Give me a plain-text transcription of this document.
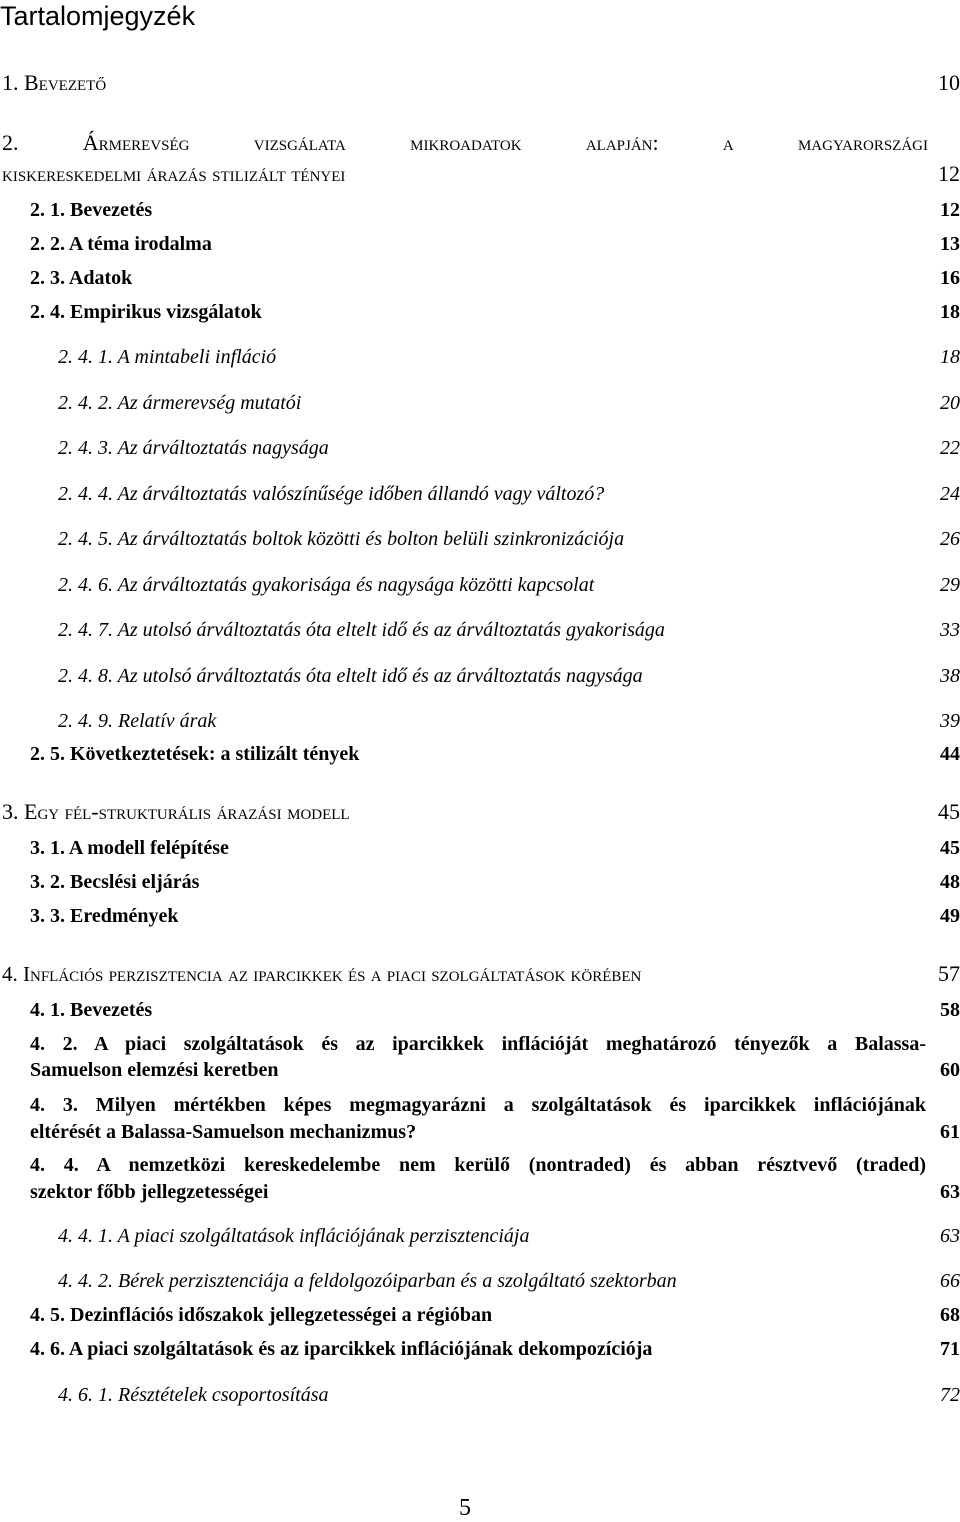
Tartalomjegyzék
1. Bevezető	10
2. Ármerevség vizsgálata mikroadatok alapján: a magyarországi
kiskereskedelmi árazás stilizált tényei	12
2. 1. Bevezetés	12
2. 2. A téma irodalma	13
2. 3. Adatok	16
2. 4. Empirikus vizsgálatok	18
2. 4. 1. A mintabeli infláció	18
2. 4. 2. Az ármerevség mutatói	20
2. 4. 3. Az árváltoztatás nagysága	22
2. 4. 4. Az árváltoztatás valószínűsége időben állandó vagy változó?	24
2. 4. 5. Az árváltoztatás boltok közötti és bolton belüli szinkronizációja	26
2. 4. 6. Az árváltoztatás gyakorisága és nagysága közötti kapcsolat	29
2. 4. 7. Az utolsó árváltoztatás óta eltelt idő és az árváltoztatás gyakorisága	33
2. 4. 8. Az utolsó árváltoztatás óta eltelt idő és az árváltoztatás nagysága	38
2. 4. 9. Relatív árak	39
2. 5. Következtetések: a stilizált tények	44
3. Egy fél-strukturális árazási modell	45
3. 1. A modell felépítése	45
3. 2. Becslési eljárás	48
3. 3. Eredmények	49
4. Inflációs perzisztencia az iparcikkek és a piaci szolgáltatások körében	57
4. 1. Bevezetés	58
4. 2. A piaci szolgáltatások és az iparcikkek inflációját meghatározó tényezők a Balassa-
Samuelson elemzési keretben	60
4. 3. Milyen mértékben képes megmagyarázni a szolgáltatások és iparcikkek inflációjának
eltérését a Balassa-Samuelson mechanizmus?	61
4. 4. A nemzetközi kereskedelembe nem kerülő (nontraded) és abban résztvevő (traded)
szektor főbb jellegzetességei	63
4. 4. 1. A piaci szolgáltatások inflációjának perzisztenciája	63
4. 4. 2. Bérek perzisztenciája a feldolgozóiparban és a szolgáltató szektorban	66
4. 5. Dezinflációs időszakok jellegzetességei a régióban	68
4. 6. A piaci szolgáltatások és az iparcikkek inflációjának dekompozíciója	71
4. 6. 1. Résztételek csoportosítása	72
5
